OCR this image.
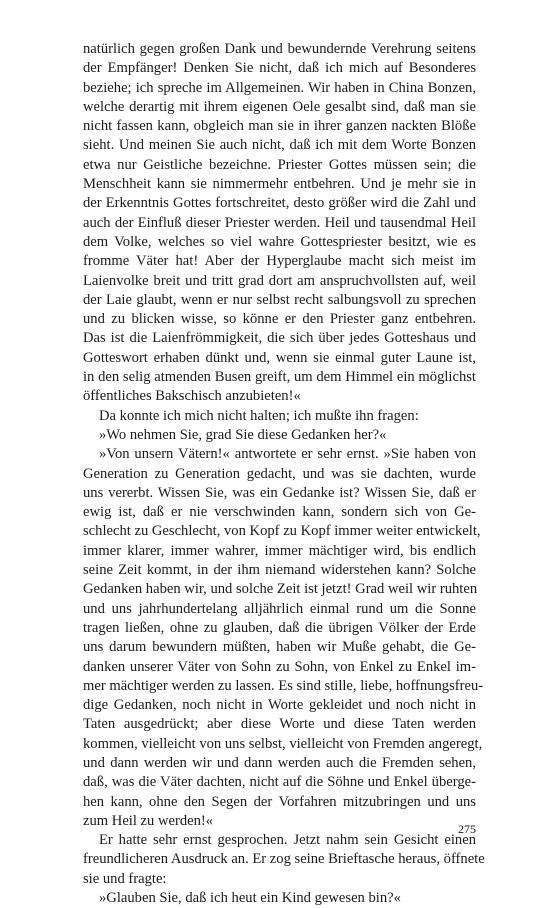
natürlich gegen großen Dank und bewundernde Verehrung seitens
der Empfänger! Denken Sie nicht, daß ich mich auf Besonderes
beziehe; ich spreche im Allgemeinen. Wir haben in China Bonzen,
welche derartig mit ihrem eigenen Oele gesalbt sind, daß man sie
nicht fassen kann, obgleich man sie in ihrer ganzen nackten Blöße
sieht. Und meinen Sie auch nicht, daß ich mit dem Worte Bonzen
etwa nur Geistliche bezeichne. Priester Gottes müssen sein; die
Menschheit kann sie nimmermehr entbehren. Und je mehr sie in
der Erkenntnis Gottes fortschreitet, desto größer wird die Zahl und
auch der Einfluß dieser Priester werden. Heil und tausendmal Heil
dem Volke, welches so viel wahre Gottespriester besitzt, wie es
fromme Väter hat! Aber der Hyperglaube macht sich meist im
Laienvolke breit und tritt grad dort am anspruchvollsten auf, weil
der Laie glaubt, wenn er nur selbst recht salbungsvoll zu sprechen
und zu blicken wisse, so könne er den Priester ganz entbehren.
Das ist die Laienfrömmigkeit, die sich über jedes Gotteshaus und
Gotteswort erhaben dünkt und, wenn sie einmal guter Laune ist,
in den selig atmenden Busen greift, um dem Himmel ein möglichst
öffentliches Bakschisch anzubieten!«
Da konnte ich mich nicht halten; ich mußte ihn fragen:
»Wo nehmen Sie, grad Sie diese Gedanken her?«
»Von unsern Vätern!« antwortete er sehr ernst. »Sie haben von
Generation zu Generation gedacht, und was sie dachten, wurde
uns vererbt. Wissen Sie, was ein Gedanke ist? Wissen Sie, daß er
ewig ist, daß er nie verschwinden kann, sondern sich von Ge-
schlecht zu Geschlecht, von Kopf zu Kopf immer weiter entwickelt,
immer klarer, immer wahrer, immer mächtiger wird, bis endlich
seine Zeit kommt, in der ihm niemand widerstehen kann? Solche
Gedanken haben wir, und solche Zeit ist jetzt! Grad weil wir ruhten
und uns jahrhundertelang alljährlich einmal rund um die Sonne
tragen ließen, ohne zu glauben, daß die übrigen Völker der Erde
uns darum bewundern müßten, haben wir Muße gehabt, die Ge-
danken unserer Väter von Sohn zu Sohn, von Enkel zu Enkel im-
mer mächtiger werden zu lassen. Es sind stille, liebe, hoffnungsfreu-
dige Gedanken, noch nicht in Worte gekleidet und noch nicht in
Taten ausgedrückt; aber diese Worte und diese Taten werden
kommen, vielleicht von uns selbst, vielleicht von Fremden angeregt,
und dann werden wir und dann werden auch die Fremden sehen,
daß, was die Väter dachten, nicht auf die Söhne und Enkel überge-
hen kann, ohne den Segen der Vorfahren mitzubringen und uns
zum Heil zu werden!«
Er hatte sehr ernst gesprochen. Jetzt nahm sein Gesicht einen
freundlicheren Ausdruck an. Er zog seine Brieftasche heraus, öffnete
sie und fragte:
»Glauben Sie, daß ich heut ein Kind gewesen bin?«
275
